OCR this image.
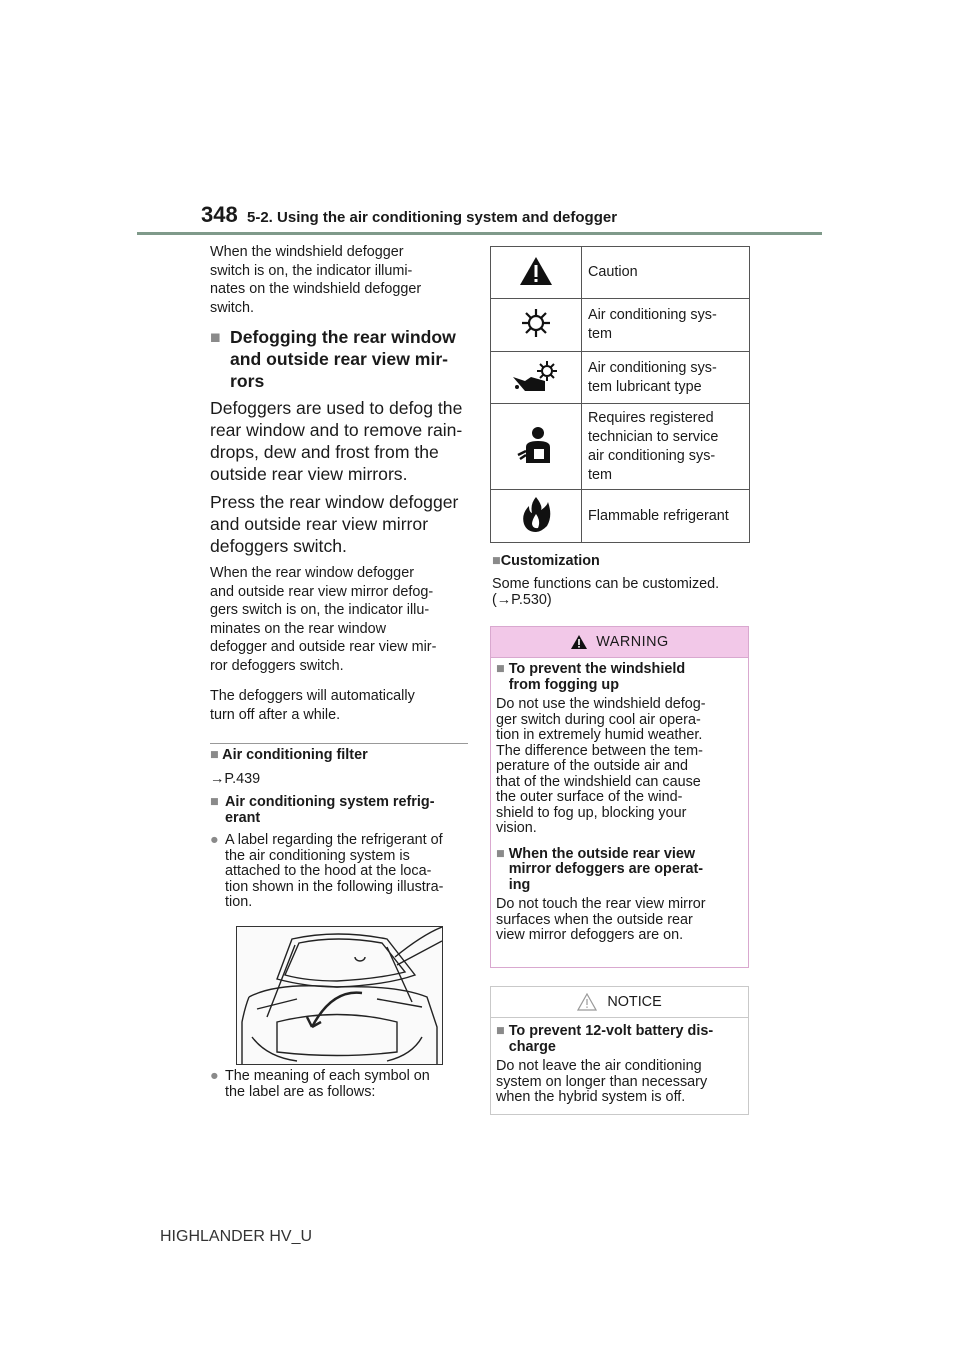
348 5-2. Using the air conditioning system and defogger
When the windshield defogger
switch is on, the indicator illumi-
nates on the windshield defogger
switch.
■ Defogging the rear window
and outside rear view mir-
rors
Defoggers are used to defog the
rear window and to remove rain-
drops, dew and frost from the
outside rear view mirrors.
Press the rear window defogger
and outside rear view mirror
defoggers switch.
When the rear window defogger
and outside rear view mirror defog-
gers switch is on, the indicator illu-
minates on the rear window
defogger and outside rear view mir-
ror defoggers switch.
The defoggers will automatically
turn off after a while.
■ Air conditioning filter
→P.439
■ Air conditioning system refrig-
erant
● A label regarding the refrigerant of
the air conditioning system is
attached to the hood at the loca-
tion shown in the following illustra-
tion.
● The meaning of each symbol on
the label are as follows:

Caution

Air conditioning sys-
tem

Air conditioning sys-
tem lubricant type

Requires registered
technician to service
air conditioning sys-
tem

Flammable refrigerant
■Customization
Some functions can be customized.
(→P.530)
WARNING
■ To prevent the windshield
from fogging up
Do not use the windshield defog-
ger switch during cool air opera-
tion in extremely humid weather.
The difference between the tem-
perature of the outside air and
that of the windshield can cause
the outer surface of the wind-
shield to fog up, blocking your
vision.
■ When the outside rear view
mirror defoggers are operat-
ing
Do not touch the rear view mirror
surfaces when the outside rear
view mirror defoggers are on.
NOTICE
■ To prevent 12-volt battery dis-
charge
Do not leave the air conditioning
system on longer than necessary
when the hybrid system is off.
HIGHLANDER HV_U
